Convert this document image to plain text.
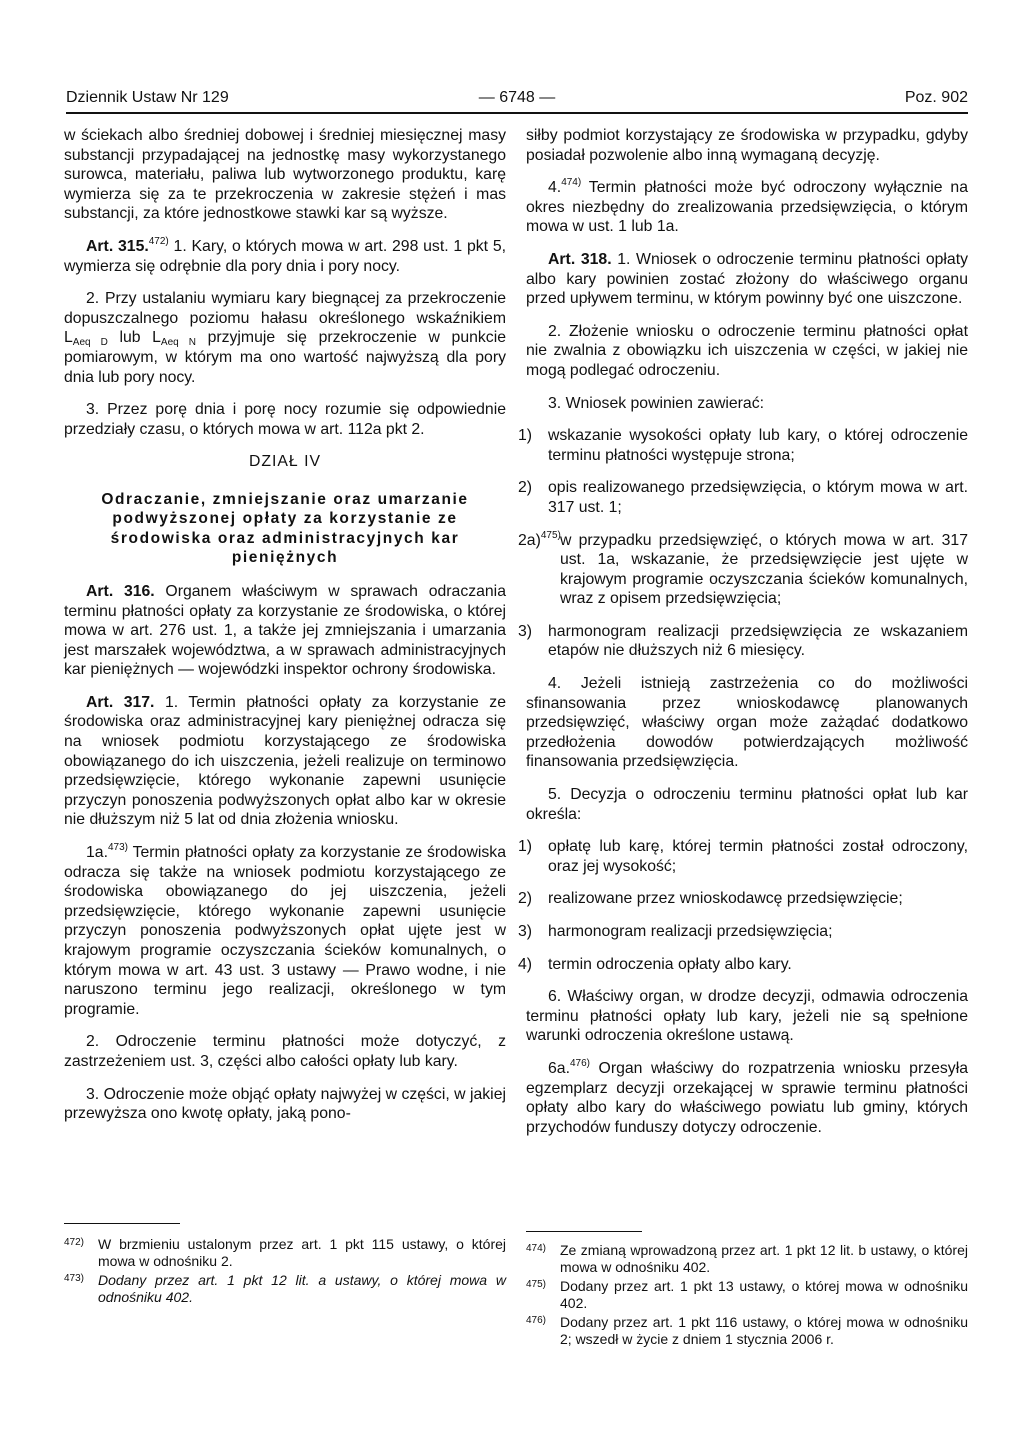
Dziennik Ustaw Nr 129	— 6748 —	Poz. 902

w ściekach albo średniej dobowej i średniej miesięcznej masy substancji przypadającej na jednostkę masy wykorzystanego surowca, materiału, paliwa lub wytworzonego produktu, karę wymierza się za te przekroczenia w zakresie stężeń i mas substancji, za które jednostkowe stawki kar są wyższe.

Art. 315.$^{472)}$ 1. Kary, o których mowa w art. 298 ust. 1 pkt 5, wymierza się odrębnie dla pory dnia i pory nocy.

2. Przy ustalaniu wymiaru kary biegnącej za przekroczenie dopuszczalnego poziomu hałasu określonego wskaźnikiem $L_{Aeq D}$ lub $L_{Aeq N}$ przyjmuje się przekroczenie w punkcie pomiarowym, w którym ma ono wartość najwyższą dla pory dnia lub pory nocy.

3. Przez porę dnia i porę nocy rozumie się odpowiednie przedziały czasu, o których mowa w art. 112a pkt 2.

DZIAŁ IV
Odraczanie, zmniejszanie oraz umarzanie podwyższonej opłaty za korzystanie ze środowiska oraz administracyjnych kar pieniężnych

Art. 316. Organem właściwym w sprawach odraczania terminu płatności opłaty za korzystanie ze środowiska, o której mowa w art. 276 ust. 1, a także jej zmniejszania i umarzania jest marszałek województwa, a w sprawach administracyjnych kar pieniężnych — wojewódzki inspektor ochrony środowiska.

Art. 317. 1. Termin płatności opłaty za korzystanie ze środowiska oraz administracyjnej kary pieniężnej odracza się na wniosek podmiotu korzystającego ze środowiska obowiązanego do ich uiszczenia, jeżeli realizuje on terminowo przedsięwzięcie, którego wykonanie zapewni usunięcie przyczyn ponoszenia podwyższonych opłat albo kar w okresie nie dłuższym niż 5 lat od dnia złożenia wniosku.

1a.$^{473)}$ Termin płatności opłaty za korzystanie ze środowiska odracza się także na wniosek podmiotu korzystającego ze środowiska obowiązanego do jej uiszczenia, jeżeli przedsięwzięcie, którego wykonanie zapewni usunięcie przyczyn ponoszenia podwyższonych opłat ujęte jest w krajowym programie oczyszczania ścieków komunalnych, o którym mowa w art. 43 ust. 3 ustawy — Prawo wodne, i nie naruszono terminu jego realizacji, określonego w tym programie.

2. Odroczenie terminu płatności może dotyczyć, z zastrzeżeniem ust. 3, części albo całości opłaty lub kary.

3. Odroczenie może objąć opłaty najwyżej w części, w jakiej przewyższa ono kwotę opłaty, jaką pono-

472) W brzmieniu ustalonym przez art. 1 pkt 115 ustawy, o której mowa w odnośniku 2.
473) Dodany przez art. 1 pkt 12 lit. a ustawy, o której mowa w odnośniku 402.

siłby podmiot korzystający ze środowiska w przypadku, gdyby posiadał pozwolenie albo inną wymaganą decyzję.

4.$^{474)}$ Termin płatności może być odroczony wyłącznie na okres niezbędny do zrealizowania przedsięwzięcia, o którym mowa w ust. 1 lub 1a.

Art. 318. 1. Wniosek o odroczenie terminu płatności opłaty albo kary powinien zostać złożony do właściwego organu przed upływem terminu, w którym powinny być one uiszczone.

2. Złożenie wniosku o odroczenie terminu płatności opłat nie zwalnia z obowiązku ich uiszczenia w części, w jakiej nie mogą podlegać odroczeniu.

3. Wniosek powinien zawierać:

1) wskazanie wysokości opłaty lub kary, o której odroczenie terminu płatności występuje strona;
2) opis realizowanego przedsięwzięcia, o którym mowa w art. 317 ust. 1;
2a)$^{475)}$ w przypadku przedsięwzięć, o których mowa w art. 317 ust. 1a, wskazanie, że przedsięwzięcie jest ujęte w krajowym programie oczyszczania ścieków komunalnych, wraz z opisem przedsięwzięcia;
3) harmonogram realizacji przedsięwzięcia ze wskazaniem etapów nie dłuższych niż 6 miesięcy.

4. Jeżeli istnieją zastrzeżenia co do możliwości sfinansowania przez wnioskodawcę planowanych przedsięwzięć, właściwy organ może zażądać dodatkowo przedłożenia dowodów potwierdzających możliwość finansowania przedsięwzięcia.

5. Decyzja o odroczeniu terminu płatności opłat lub kar określa:

1) opłatę lub karę, której termin płatności został odroczony, oraz jej wysokość;
2) realizowane przez wnioskodawcę przedsięwzięcie;
3) harmonogram realizacji przedsięwzięcia;
4) termin odroczenia opłaty albo kary.

6. Właściwy organ, w drodze decyzji, odmawia odroczenia terminu płatności opłaty lub kary, jeżeli nie są spełnione warunki odroczenia określone ustawą.

6a.$^{476)}$ Organ właściwy do rozpatrzenia wniosku przesyła egzemplarz decyzji orzekającej w sprawie terminu płatności opłaty albo kary do właściwego powiatu lub gminy, których przychodów funduszy dotyczy odroczenie.

474) Ze zmianą wprowadzoną przez art. 1 pkt 12 lit. b ustawy, o której mowa w odnośniku 402.
475) Dodany przez art. 1 pkt 13 ustawy, o której mowa w odnośniku 402.
476) Dodany przez art. 1 pkt 116 ustawy, o której mowa w odnośniku 2; wszedł w życie z dniem 1 stycznia 2006 r.
